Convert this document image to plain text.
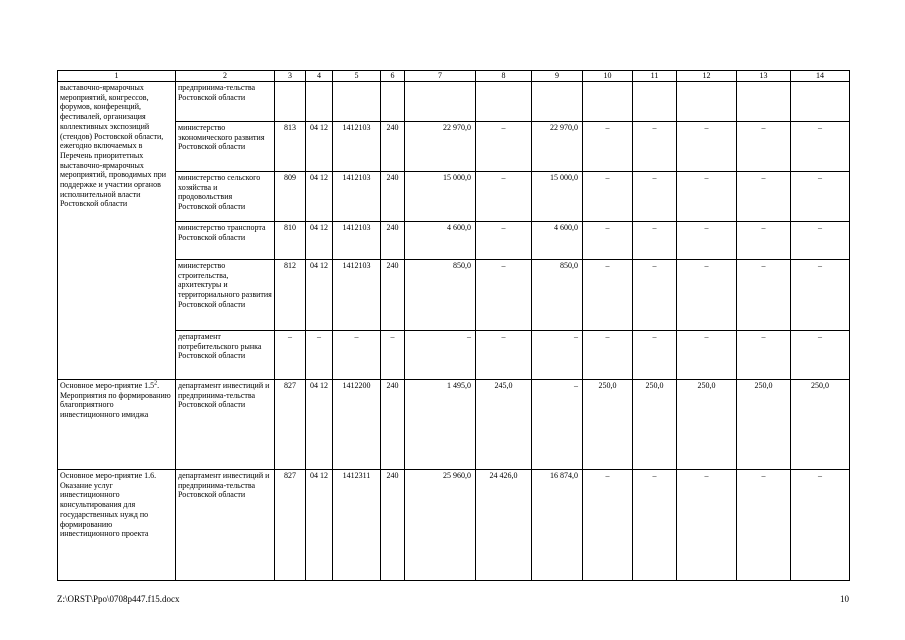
1	2	3	4	5	6	7	8	9	10	11	12	13	14
выставочно-ярмарочных мероприятий, конгрессов, форумов, конференций, фестивалей, организация коллективных экспозиций (стендов) Ростовской области, ежегодно включаемых в Перечень приоритетных выставочно-ярмарочных мероприятий, проводимых при поддержке и участии органов исполнительной власти Ростовской области	предпринима-тельства Ростовской области												
	министерство экономического развития Ростовской области	813	04 12	1412103	240	22 970,0	–	22 970,0	–	–	–	–	–
	министерство сельского хозяйства и продовольствия Ростовской области	809	04 12	1412103	240	15 000,0	–	15 000,0	–	–	–	–	–
	министерство транспорта Ростовской области	810	04 12	1412103	240	4 600,0	–	4 600,0	–	–	–	–	–
	министерство строительства, архитектуры и территориального развития Ростовской области	812	04 12	1412103	240	850,0	–	850,0	–	–	–	–	–
	департамент потребительского рынка Ростовской области	–	–	–	–	–	–	–	–	–	–	–	–
Основное меро-приятие $1.5^2$. Мероприятия по формированию благоприятного инвестиционного имиджа	департамент инвестиций и предпринима-тельства Ростовской области	827	04 12	1412200	240	1 495,0	245,0	–	250,0	250,0	250,0	250,0	250,0
Основное меро-приятие 1.6. Оказание услуг инвестиционного консультирования для государственных нужд по формированию инвестиционного проекта	департамент инвестиций и предпринима-тельства Ростовской области	827	04 12	1412311	240	25 960,0	24 426,0	16 874,0	–	–	–	–	–
Z:\ORST\Ppo\0708p447.f15.docx	10
